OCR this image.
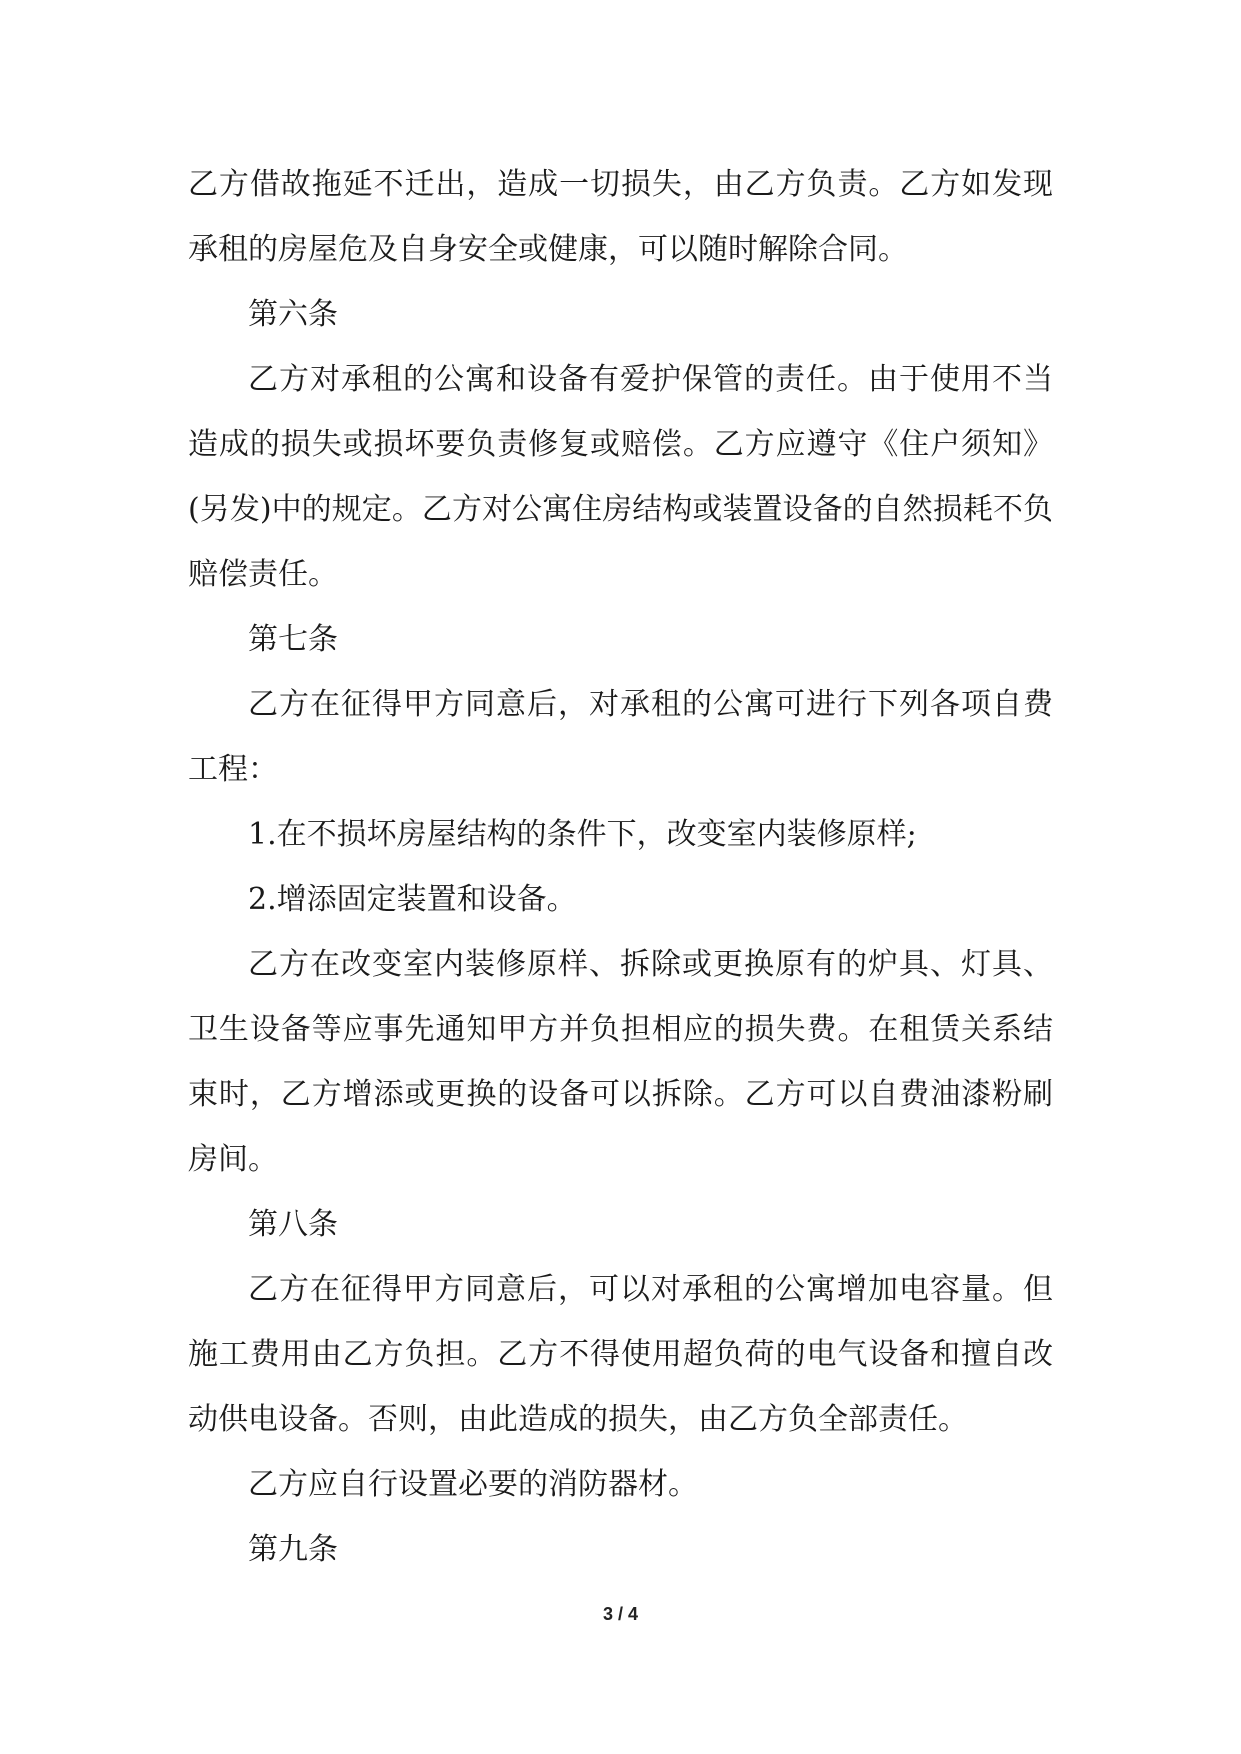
乙方借故拖延不迁出，造成一切损失，由乙方负责。乙方如发现承租的房屋危及自身安全或健康，可以随时解除合同。

第六条

乙方对承租的公寓和设备有爱护保管的责任。由于使用不当造成的损失或损坏要负责修复或赔偿。乙方应遵守《住户须知》(另发)中的规定。乙方对公寓住房结构或装置设备的自然损耗不负赔偿责任。

第七条

乙方在征得甲方同意后，对承租的公寓可进行下列各项自费工程：

1.在不损坏房屋结构的条件下，改变室内装修原样;

2.增添固定装置和设备。

乙方在改变室内装修原样、拆除或更换原有的炉具、灯具、卫生设备等应事先通知甲方并负担相应的损失费。在租赁关系结束时，乙方增添或更换的设备可以拆除。乙方可以自费油漆粉刷房间。

第八条

乙方在征得甲方同意后，可以对承租的公寓增加电容量。但施工费用由乙方负担。乙方不得使用超负荷的电气设备和擅自改动供电设备。否则，由此造成的损失，由乙方负全部责任。

乙方应自行设置必要的消防器材。

第九条

3 / 4
